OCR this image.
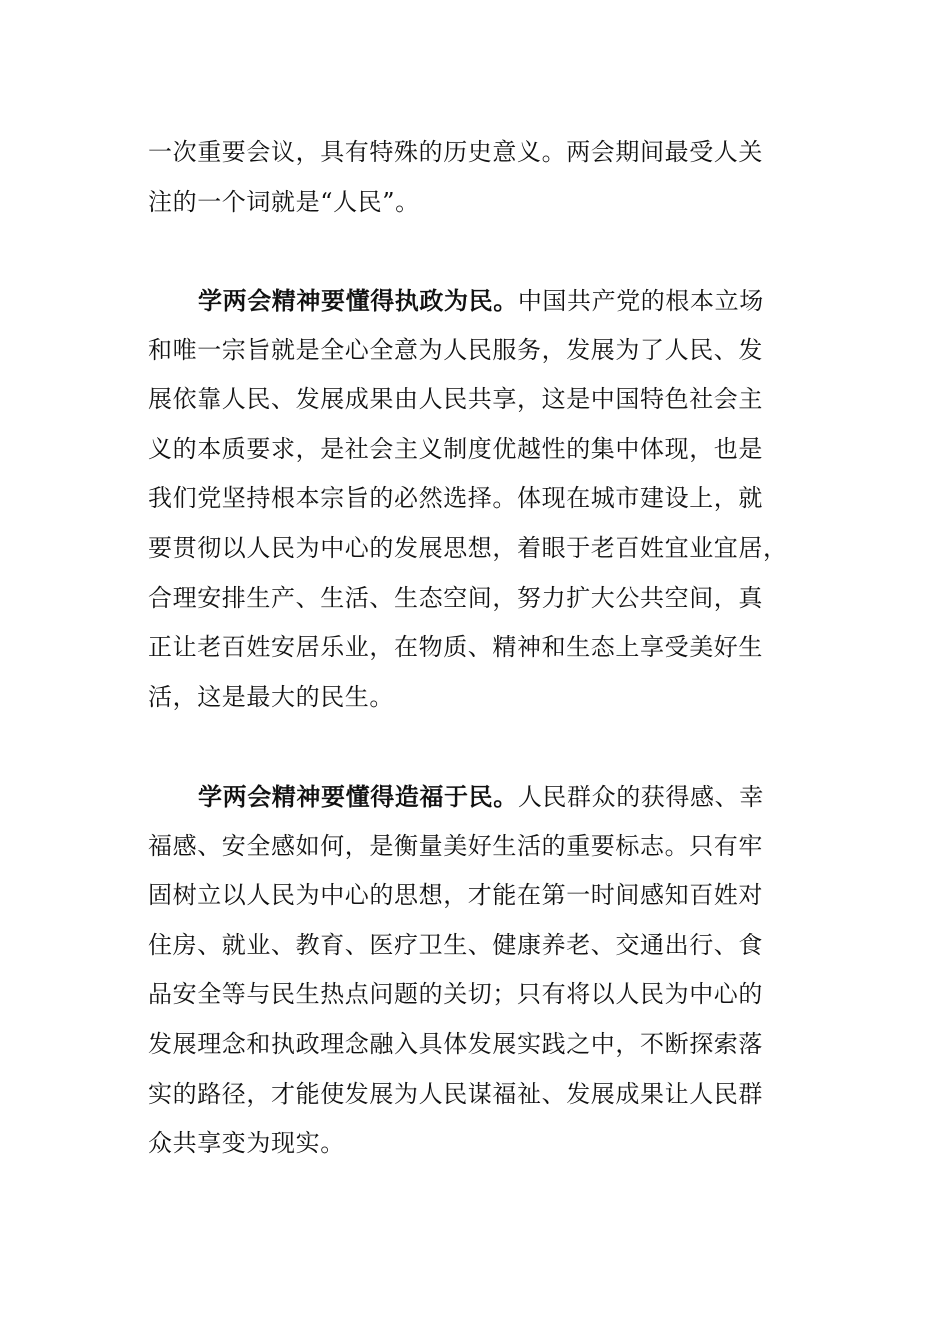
一次重要会议，具有特殊的历史意义。两会期间最受人关
注的一个词就是“人民”。
学两会精神要懂得执政为民。中国共产党的根本立场
和唯一宗旨就是全心全意为人民服务，发展为了人民、发
展依靠人民、发展成果由人民共享，这是中国特色社会主
义的本质要求，是社会主义制度优越性的集中体现，也是
我们党坚持根本宗旨的必然选择。体现在城市建设上，就
要贯彻以人民为中心的发展思想，着眼于老百姓宜业宜居，
合理安排生产、生活、生态空间，努力扩大公共空间，真
正让老百姓安居乐业，在物质、精神和生态上享受美好生
活，这是最大的民生。
学两会精神要懂得造福于民。人民群众的获得感、幸
福感、安全感如何，是衡量美好生活的重要标志。只有牢
固树立以人民为中心的思想，才能在第一时间感知百姓对
住房、就业、教育、医疗卫生、健康养老、交通出行、食
品安全等与民生热点问题的关切；只有将以人民为中心的
发展理念和执政理念融入具体发展实践之中，不断探索落
实的路径，才能使发展为人民谋福祉、发展成果让人民群
众共享变为现实。
